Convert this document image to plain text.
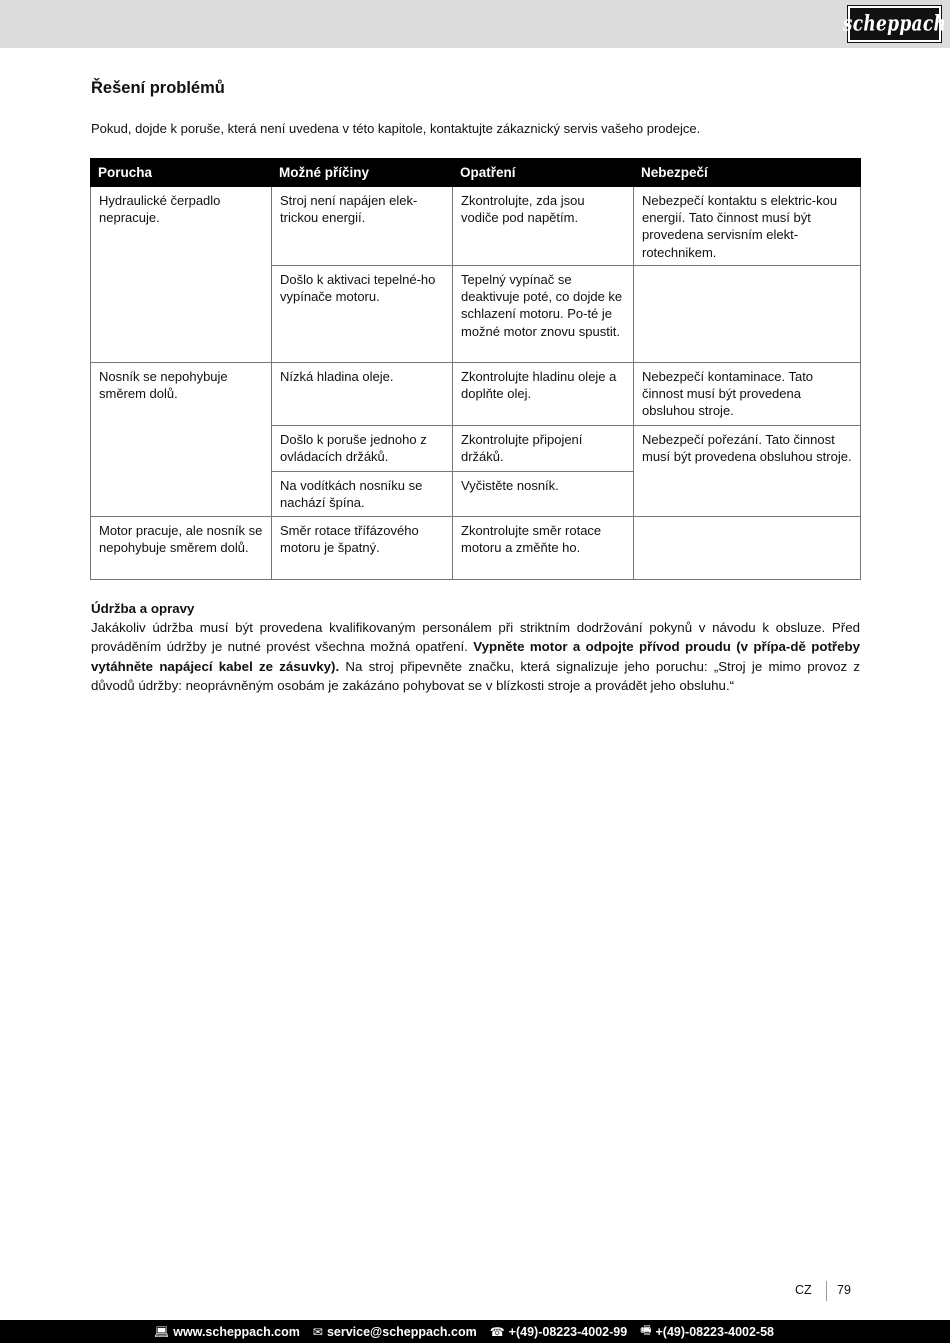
scheppach
Řešení problémů

Pokud, dojde k poruše, která není uvedena v této kapitole, kontaktujte zákaznický servis vašeho prodejce.

Porucha	Možné příčiny	Opatření	Nebezpečí
Hydraulické čerpadlo nepracuje.	Stroj není napájen elek-trickou energií.	Zkontrolujte, zda jsou vodiče pod napětím.	Nebezpečí kontaktu s elektric-kou energií. Tato činnost musí být provedena servisním elekt-rotechnikem.
	Došlo k aktivaci tepelné-ho vypínače motoru.	Tepelný vypínač se deaktivuje poté, co dojde ke schlazení motoru. Po-té je možné motor znovu spustit.	
Nosník se nepohybuje směrem dolů.	Nízká hladina oleje.	Zkontrolujte hladinu oleje a doplňte olej.	Nebezpečí kontaminace. Tato činnost musí být provedena obsluhou stroje.
	Došlo k poruše jednoho z ovládacích držáků.	Zkontrolujte připojení držáků.	Nebezpečí pořezání. Tato činnost musí být provedena obsluhou stroje.
	Na vodítkách nosníku se nachází špína.	Vyčistěte nosník.	
Motor pracuje, ale nosník se nepohybuje směrem dolů.	Směr rotace třífázového motoru je špatný.	Zkontrolujte směr rotace motoru a změňte ho.	
Údržba a opravy

Jakákoliv údržba musí být provedena kvalifikovaným personálem při striktním dodržování pokynů v návodu k obsluze. Před prováděním údržby je nutné provést všechna možná opatření. Vypněte motor a odpojte přívod proudu (v přípa-dě potřeby vytáhněte napájecí kabel ze zásuvky). Na stroj připevněte značku, která signalizuje jeho poruchu: „Stroj je mimo provoz z důvodů údržby: neoprávněným osobám je zakázáno pohybovat se v blízkosti stroje a provádět jeho obsluhu.“

CZ 79
💻︎ www.scheppach.com ✉︎ service@scheppach.com ☎︎ +(49)-08223-4002-99 🖷︎ +(49)-08223-4002-58
